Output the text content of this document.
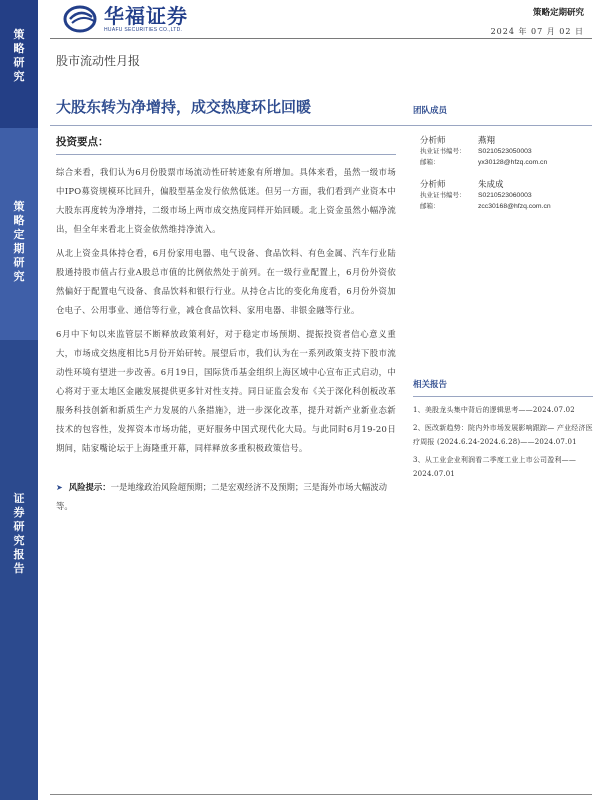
策
略
研
究
策
略
定
期
研
究
证
券
研
究
报
告
华福证券
HUAFU SECURITIES CO.,LTD.
策略定期研究
2024 年 07 月 02 日
股市流动性月报
大股东转为净增持，成交热度环比回暖	团队成员
投资要点：

综合来看，我们认为6月份股票市场流动性矸转迹象有所增加。具体来看，虽然一级市场中IPO募资规模环比回升，偏股型基金发行依然低迷。但另一方面，我们看到产业资本中大股东再度转为净增持，二级市场上两市成交热度同样开始回暖。北上资金虽然小幅净流出，但全年来看北上资金依然维持净流入。

从北上资金具体持仓看，6月份家用电器、电气设备、食品饮料、有色金属、汽车行业陆股通持股市值占行业A股总市值的比例依然处于前列。在一级行业配置上，6月份外资依然偏好于配置电气设备、食品饮料和银行行业。从持仓占比的变化角度看，6月份外资加仓电子、公用事业、通信等行业，减仓食品饮料、家用电器、非银金融等行业。

6月中下旬以来监管层不断释放政策利好，对于稳定市场预期、提振投资者信心意义重大，市场成交热度相比5月份开始矸转。展望后市，我们认为在一系列政策支持下股市流动性环境有望进一步改善。6月19日，国际货币基金组织上海区域中心宣布正式启动，中心将对于亚太地区金融发展提供更多针对性支持。同日证监会发布《关于深化科创板改革服务科技创新和新质生产力发展的八条措施》，进一步深化改革，提升对新产业新业态新技术的包容性，发挥资本市场功能，更好服务中国式现代化大局。与此同时6月19-20日期间，陆家嘴论坛于上海隆重开幕，同样释放多重积极政策信号。

➤ 风险提示：一是地缘政治风险超预期；二是宏观经济不及预期；三是海外市场大幅波动等。

分析师	燕翔
执业证书编号：	S0210523050003
邮箱：	yx30128@hfzq.com.cn
分析师	朱成成
执业证书编号：	S0210523060003
邮箱：	zcc30168@hfzq.com.cn
相关报告
1、美股龙头集中背后的逻辑思考——2024.07.02
2、医改新趋势：院内外市场发展影响跟踪— 产业经济医疗周报 (2024.6.24-2024.6.28)——2024.07.01
3、从工业企业利润看二季度工业上市公司盈利——2024.07.01
